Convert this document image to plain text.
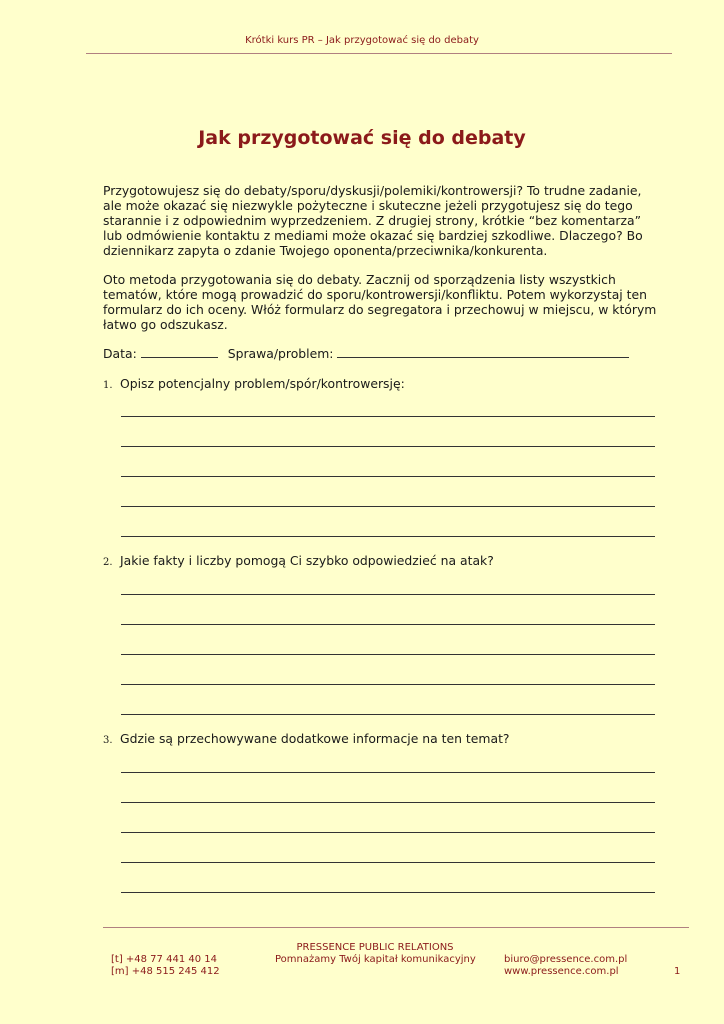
Krótki kurs PR – Jak przygotować się do debaty
Jak przygotować się do debaty

Przygotowujesz się do debaty/sporu/dyskusji/polemiki/kontrowersji? To trudne zadanie, ale może okazać się niezwykle pożyteczne i skuteczne jeżeli przygotujesz się do tego starannie i z odpowiednim wyprzedzeniem. Z drugiej strony, krótkie “bez komentarza” lub odmówienie kontaktu z mediami może okazać się bardziej szkodliwe. Dlaczego? Bo dziennikarz zapyta o zdanie Twojego oponenta/przeciwnika/konkurenta.

Oto metoda przygotowania się do debaty. Zacznij od sporządzenia listy wszystkich tematów, które mogą prowadzić do sporu/kontrowersji/konfliktu. Potem wykorzystaj ten formularz do ich oceny. Włóż formularz do segregatora i przechowuj w miejscu, w którym łatwo go odszukasz.

Data:	Sprawa/problem:
1. Opisz potencjalny problem/spór/kontrowersję:
2. Jakie fakty i liczby pomogą Ci szybko odpowiedzieć na atak?
3. Gdzie są przechowywane dodatkowe informacje na ten temat?
PRESSENCE PUBLIC RELATIONS
[t] +48 77 441 40 14
[m] +48 515 245 412
Pomnażamy Twój kapitał komunikacyjny	biuro@pressence.com.pl
www.pressence.com.pl	1
